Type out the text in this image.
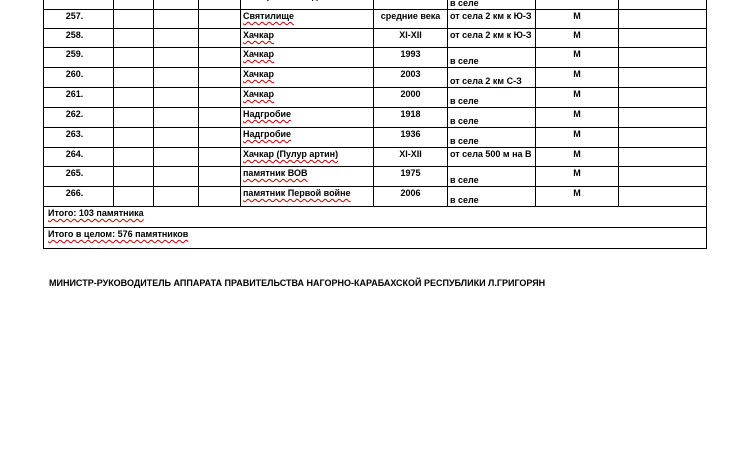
						в селе		
257.				Святилище	средние века	от села 2 км к Ю-З	М	
258.				Хачкар	XI-XII	от села 2 км к Ю-З	М	
259.				Хачкар	1993	в селе	М	
260.				Хачкар	2003	от села 2 км С-З	М	
261.				Хачкар	2000	в селе	М	
262.				Надгробие	1918	в селе	М	
263.				Надгробие	1936	в селе	М	
264.				Хачкар (Пулур артин)	XI-XII	от села 500 м на В	М	
265.				памятник ВОВ	1975	в селе	М	
266.				памятник Первой войне	2006	в селе	М	
Итого: 103 памятника								
Итого в целом: 576 памятников								

МИНИСТР-РУКОВОДИТЕЛЬ АППАРАТА ПРАВИТЕЛЬСТВА НАГОРНО-КАРАБАХСКОЙ РЕСПУБЛИКИ Л.ГРИГОРЯН
